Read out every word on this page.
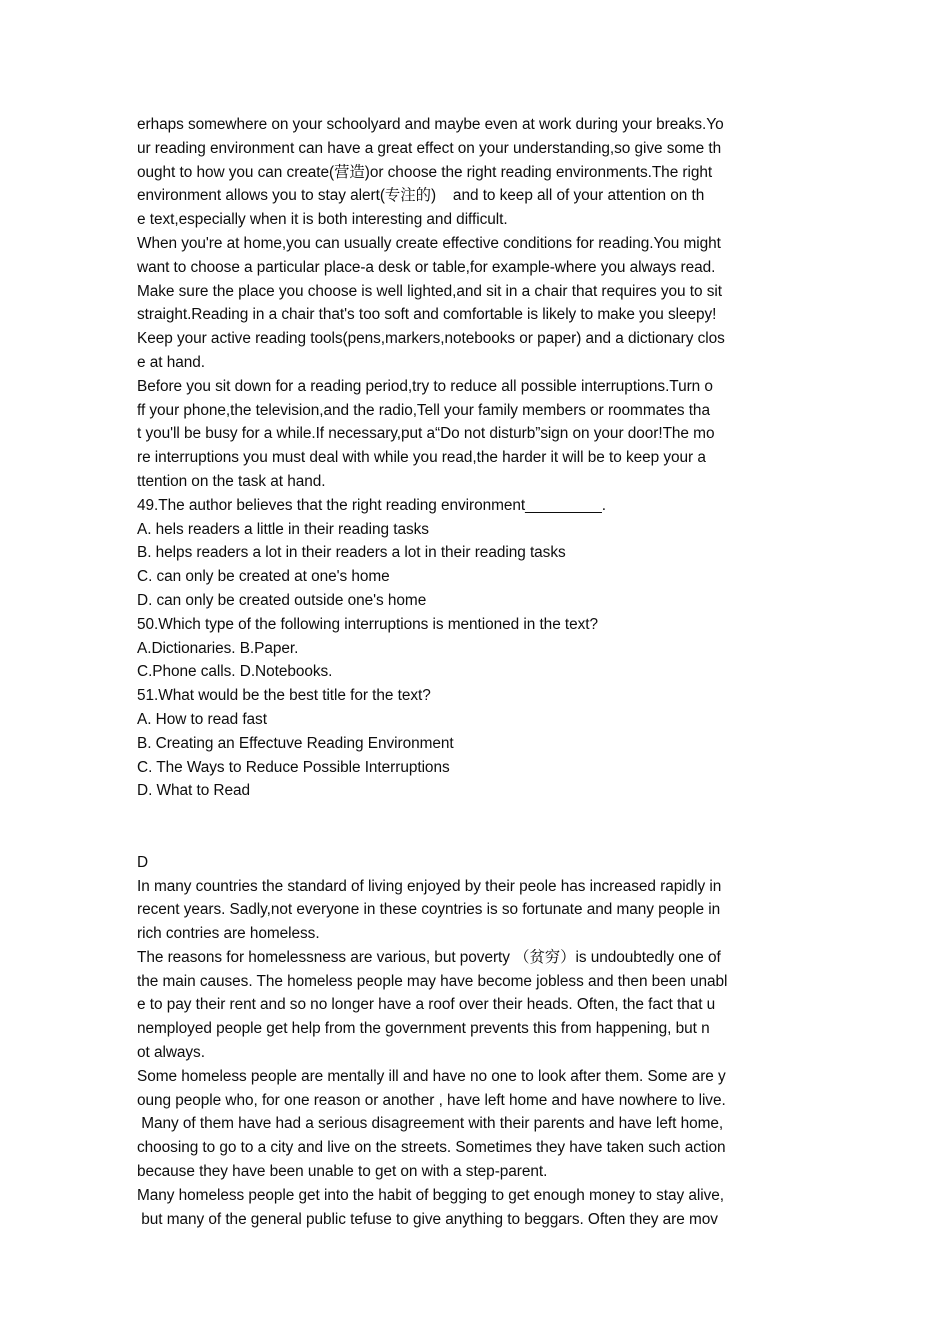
erhaps somewhere on your schoolyard and maybe even at work during your breaks.Yo
ur reading environment can have a great effect on your understanding,so give some th
ought to how you can create(营造)or choose the right reading environments.The right
environment allows you to stay alert(专注的)    and to keep all of your attention on th
e text,especially when it is both interesting and difficult.
When you're at home,you can usually create effective conditions for reading.You might
want to choose a particular place-a desk or table,for example-where you always read.
Make sure the place you choose is well lighted,and sit in a chair that requires you to sit
straight.Reading in a chair that's too soft and comfortable is likely to make you sleepy!
Keep your active reading tools(pens,markers,notebooks or paper) and a dictionary clos
e at hand.
Before you sit down for a reading period,try to reduce all possible interruptions.Turn o
ff your phone,the television,and the radio,Tell your family members or roommates tha
t you'll be busy for a while.If necessary,put a“Do not disturb”sign on your door!The mo
re interruptions you must deal with while you read,the harder it will be to keep your a
ttention on the task at hand.
49.The author believes that the right reading environment_________.
A. hels readers a little in their reading tasks
B. helps readers a lot in their readers a lot in their reading tasks
C. can only be created at one's home
D. can only be created outside one's home
50.Which type of the following interruptions is mentioned in the text?
A.Dictionaries. B.Paper.
C.Phone calls. D.Notebooks.
51.What would be the best title for the text?
A. How to read fast
B. Creating an Effectuve Reading Environment
C. The Ways to Reduce Possible Interruptions
D. What to Read
D
In many countries the standard of living enjoyed by their peole has increased rapidly in
recent years. Sadly,not everyone in these coyntries is so fortunate and many people in
rich contries are homeless.
The reasons for homelessness are various, but poverty （贫穷）is undoubtedly one of
the main causes. The homeless people may have become jobless and then been unabl
e to pay their rent and so no longer have a roof over their heads. Often, the fact that u
nemployed people get help from the government prevents this from happening, but n
ot always.
Some homeless people are mentally ill and have no one to look after them. Some are y
oung people who, for one reason or another , have left home and have nowhere to live.
Many of them have had a serious disagreement with their parents and have left home,
choosing to go to a city and live on the streets. Sometimes they have taken such action
because they have been unable to get on with a step-parent.
Many homeless people get into the habit of begging to get enough money to stay alive,
but many of the general public tefuse to give anything to beggars. Often they are mov
